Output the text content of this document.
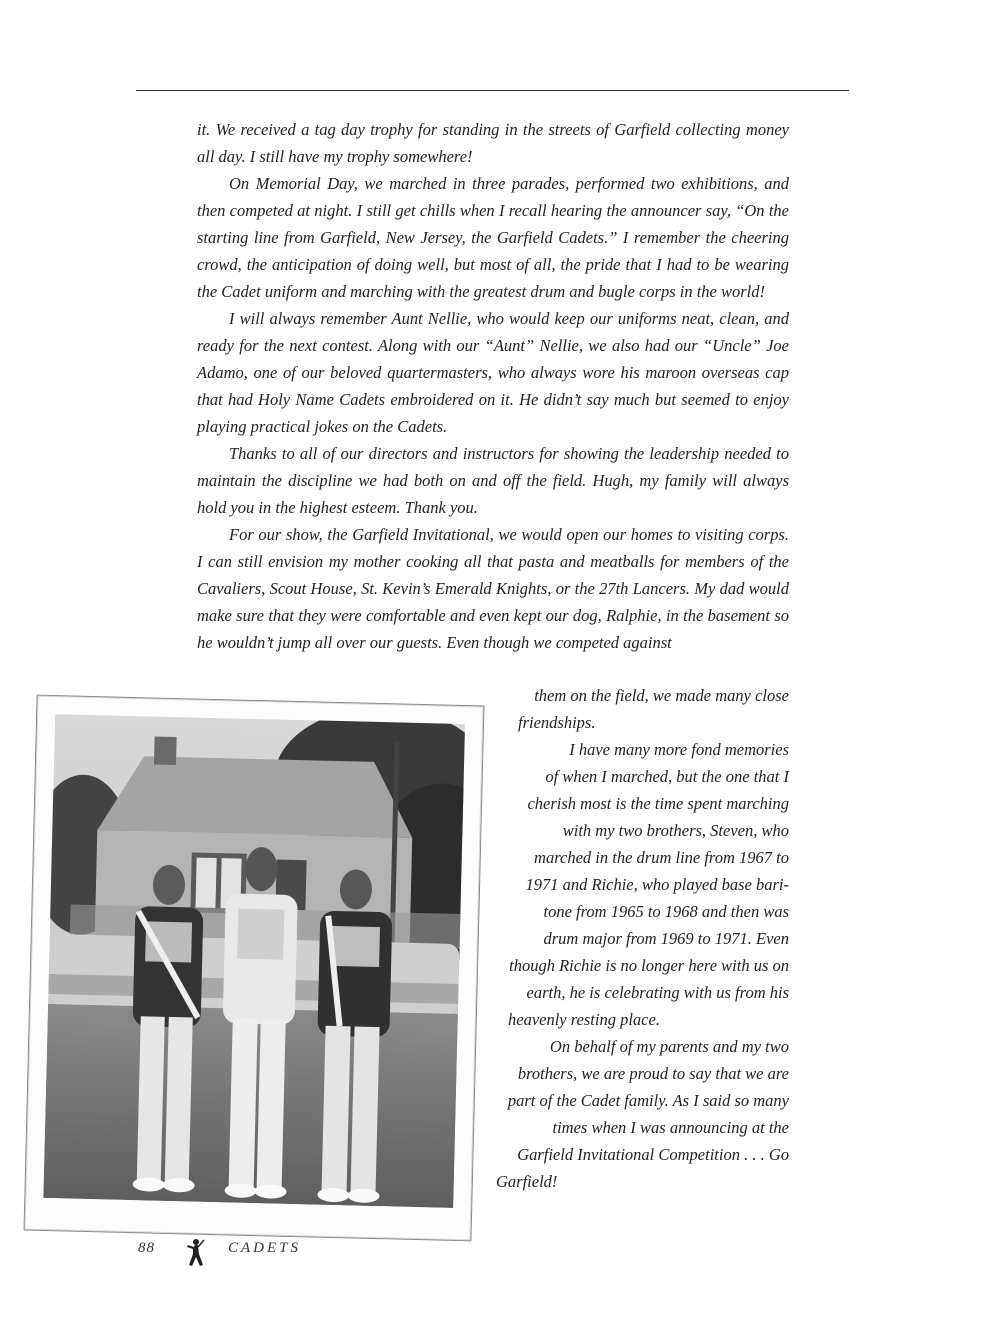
it. We received a tag day trophy for standing in the streets of Garfield collecting money all day. I still have my trophy somewhere!

On Memorial Day, we marched in three parades, performed two exhibitions, and then competed at night. I still get chills when I recall hearing the announcer say, “On the starting line from Garfield, New Jersey, the Garfield Cadets.” I remember the cheering crowd, the anticipation of doing well, but most of all, the pride that I had to be wearing the Cadet uniform and marching with the greatest drum and bugle corps in the world!

I will always remember Aunt Nellie, who would keep our uniforms neat, clean, and ready for the next contest. Along with our “Aunt” Nellie, we also had our “Uncle” Joe Adamo, one of our beloved quartermasters, who always wore his maroon overseas cap that had Holy Name Cadets embroidered on it. He didn’t say much but seemed to enjoy playing practical jokes on the Cadets.

Thanks to all of our directors and instructors for showing the leadership needed to maintain the discipline we had both on and off the field. Hugh, my family will always hold you in the highest esteem. Thank you.

For our show, the Garfield Invitational, we would open our homes to visiting corps. I can still envision my mother cooking all that pasta and meatballs for members of the Cavaliers, Scout House, St. Kevin’s Emerald Knights, or the 27th Lancers. My dad would make sure that they were comfortable and even kept our dog, Ralphie, in the basement so he wouldn’t jump all over our guests. Even though we competed against

them on the field, we made many close
friendships.
I have many more fond memories
of when I marched, but the one that I
cherish most is the time spent marching
with my two brothers, Steven, who
marched in the drum line from 1967 to
1971 and Richie, who played base bari-
tone from 1965 to 1968 and then was
drum major from 1969 to 1971. Even
though Richie is no longer here with us on
earth, he is celebrating with us from his
heavenly resting place.
On behalf of my parents and my two
brothers, we are proud to say that we are
part of the Cadet family. As I said so many
times when I was announcing at the
Garfield Invitational Competition . . . Go
Garfield!
88	CADETS
